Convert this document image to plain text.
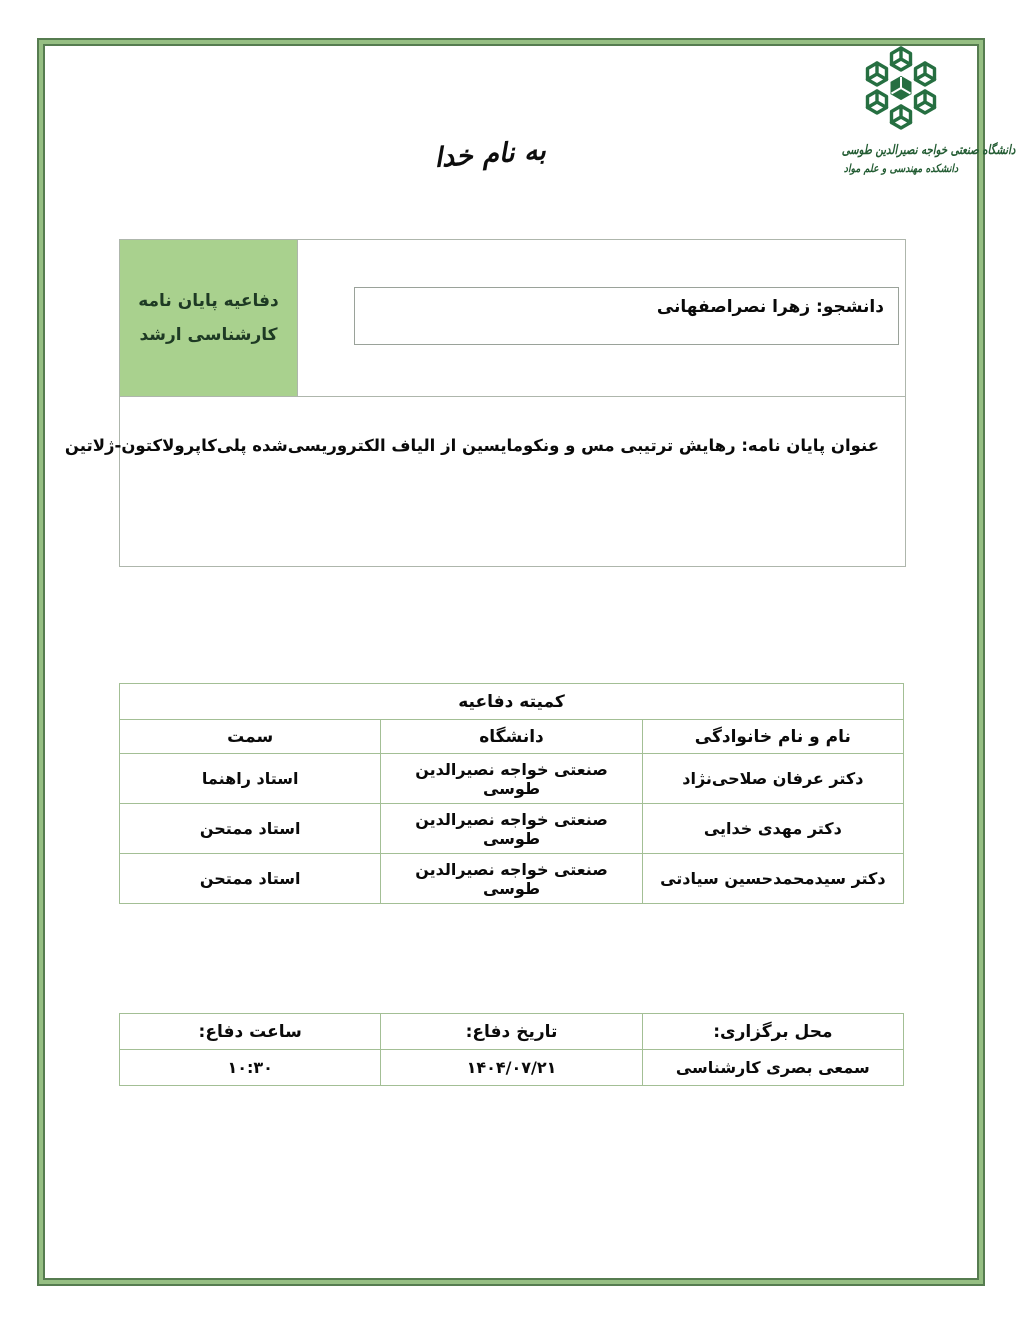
دانشگاه صنعتی خواجه نصیرالدین طوسی
دانشکده مهندسی و علم مواد
به نام خدا
دفاعیه پایان نامه
کارشناسی ارشد
دانشجو: زهرا نصراصفهانی
عنوان پایان نامه: رهایش ترتیبی مس و ونکومایسین از الیاف الکتروریسی‌شده پلی‌کاپرولاکتون-ژلاتین
کمیته دفاعیه		
نام و نام خانوادگی	دانشگاه	سمت
دکتر عرفان صلاحی‌نژاد	صنعتی خواجه نصیرالدین طوسی	استاد راهنما
دکتر مهدی خدایی	صنعتی خواجه نصیرالدین طوسی	استاد ممتحن
دکتر سیدمحمدحسین سیادتی	صنعتی خواجه نصیرالدین طوسی	استاد ممتحن
محل برگزاری:	تاریخ دفاع:	ساعت دفاع:
سمعی بصری کارشناسی	۱۴۰۴/۰۷/۲۱	۱۰:۳۰
